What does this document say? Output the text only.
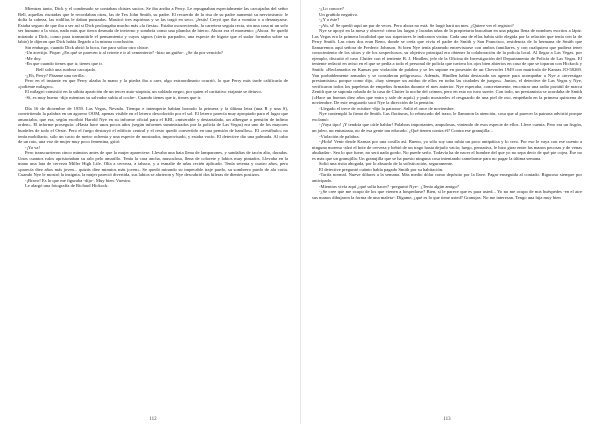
Mientras tanto, Dick y el condenado se contaban chistes sucios. Se iba arriba a Perry. Le repugnaban especialmente las carcajadas del señor Bell, aquellas risotadas que le recordaban otras, las de Tex John Smith, su padre. El recuerdo de la risa de su padre aumentó su nerviosismo: le dolía la cabeza, las rodillas le daban punzadas. Masticó tres aspirinas y se las tragó en seco. ¡Jesús! Creyó que iba a vomitar o a desmayarse. Estaba seguro de que iba a ser así si Dick prolongaba mucho más «la fiesta». Estaba oscureciendo, la carretera seguía recta, sin una casa ni un solo ser humano a la vista, nada más que tierra desnuda de invierno y sombría como una plancha de hierro. Ahora era el momento: ¡Ahora. Se quedó mirando a Dick, como para transmitirle el pensamiento y cuyos signos (cierto parpadeo, una especie de bigote que el sudor formaba sobre su labio) le dijeron que Dick había llegado a la misma conclusión.

Sin embargo, cuando Dick abrió la boca, fue para soltar otro chiste.

-Un acertijo. Pique: ¿En qué se parecen ir al retrete e ir al cementerio? -hizo un guiño-. ¿Se da por vencido?

-Me doy.

-En que cuando tienes que ir, tienes que ir.

Bell soltó una ruidosa carcajada.

-¿Eh, Perry? Pásame una cerilla.

Pero en el instante en que Perry alzaba la mano y la piedra iba a caer, algo extraordinario ocurrió, lo que Perry más tarde calificaría de «jodiente milagro».

El milagro consistió en la súbita aparición de un tercer auto-stopista, un soldado negro, por quien el caritativo viajante se detuvo.

-Sí, es muy bueno -dijo mientras su salvador subía al coche-. Cuando tienes que ir, tienes que ir.

Día 16 de diciembre de 1959. Las Vegas, Nevada. Tiempo e intemperie habían borrado la primera y la última letra (una R y una S), convirtiendo la palabra en un agorero OOM, apenas visible en el letrero descolorido por el sol. El letrero parecía muy apropiado para el lugar que anunciaba, que era, según escribió Harold Nye en su informe oficial para el KBI, «miserable y destartalado, un albergue o pensión de ínfimo orden». El informe proseguía: «Hasta hace unos pocos años (según informes suministrados por la policía de Las Vegas) era uno de los mayores burdeles de todo el Oeste. Pero el fuego destruyó el edificio central y el resto quedó convertido en una pensión de barullos». El «vestíbulo» no tenía mobiliario, sólo un cacto de metro ochenta y una especie de mostrador, improvisado, y estaba vacío. El detective dio una palmada. Al cabo de un rato, una voz de mujer muy poco femenina, gritó:

-¡Ya va!

Pero transcurrieron cinco minutos antes de que la mujer apareciese. Llevaba una bata llena de lamparones, y sandalias de tacón alto, doradas. Unos cuantos rulos aprisionaban su ralo pelo amarillo. Tenía la cara ancha, musculosa, llena de colorete y labios muy pintados. Llevaba en la mano una lata de cerveza Miller High Life. Olía a cerveza, a tabaco, y a esmalte de uñas recién aplicado. Tenía setenta y cuatro años, pero «parecía diez años más joven... quizás diez minutos más joven». Se quedó mirando su impecable traje pardo, su sombrero pardo de ala corta. Cuando Nye le mostró la insignia, la mujer pareció divertida, sus labios se abrieron y Nye descubrió dos hileras de dientes postizos.

-¡Bravo! Es lo que me figuraba -dijo-. Muy bien. Vuestro.

Le alargó una fotografía de Richard Hickock:

112

-¿Lo conoce?

Un gruñido negativo.

-¿Y a éste?

-¡Ah, sí! Se quedó aquí un par de veces. Pero ahora no está. Se largó hará un mes. ¿Quiere ver el registro?

Nye se apoyó en la mesa y observó cómo las largas y lacadas uñas de la propietaria buscaban en una página llena de nombres escritos a lápiz. Las Vegas era la primera localidad que sus superiores le indicaron visitar. Cada una de ellas había sido elegida por la relación que tenía con la de Perry Smith. Las otras dos eran Reno, donde se creía que vivía el padre de Smith y San Francisco, residencia de la hermana de Smith que llamaremos aquí señora de Frederic Johnson. Si bien Nye tenía planeado entrevistarse con ambos familiares, y con cualquiera que pudiera tener conocimiento de los sitios y de los sospechosos, su objetivo principal era obtener la colaboración de la policía local. Al llegar a Las Vegas, por ejemplo, discutió el caso Clutter con el teniente B. J. Hindlen, jefe de la Oficina de Investigación del Departamento de Policía de Las Vegas. El teniente redactó en aviso en el que se pedía a todo el personal de policía que tuviera los ojos bien abiertos en caso de que se toparan con Hickock y Smith: «Reclamados en Kansas por violación de palabra y se les supone en posesión de un Chevrolet 1949 con matrícula de Kansas JO-58269. Van probablemente armados y se consideran peligrosos». Además, Hindlen había destacado un agente para acompañar a Nye a «investigar prestamistas» porque como dijo, «hay siempre un asiduo de ellos en todas las ciudades de juegos». Juntos, el detective de Las Vegas y Nye, verificaron todos los papeletas de empeños firmadas durante el mes anterior. Nye esperaba, concretamente, encontrar una radio portátil de marca Zenith que se suponía robada de la casa de Clutter la noche del crimen, pero en esto no tuvo suerte. Con todo, un prestamista se acordaba de Smith («Hace un buenos diez años que entra y sale de aquí») y pudo mostrarles el resguardo de una piel de oso, empeñada en la primera quincena de noviembre. De este resguardo sacó Nye la dirección de la pensión.

-Llegado el trece de octubre -dijo la patrona-. Salió el once de noviembre.

Nye contempló la firma de Smith. Las florituras, lo rebuscado del trazo, le llamaron la atención, cosa que al parecer la patrona advirtió porque exclamó:

-¡Vaya tipo! ¡Y tendría que oírle hablar! Palabras importantes, ampulosas, viniendo de esos especie de ellos. Lleve cuenta. Pero era un fisgón, un jaleo, un entusiasta, no de esa gente tan educado. ¿Qué tienen contra él? Contra ese granujilla...

-Violación de palabra.

-¡Hola! Venir desde Kansas por una cosilla así. Bueno, yo sólo soy una rubia un poco antipática y lo creo. Por eso le vaya con ese cuento a ninguna morena -alzó el bote de cerveza y bebió de un trago hasta dejarlo vacío; luego, pensativa, le hizo girar entre las manos pecosas y de venas abultadas-. Sea lo que fuere, no será nada gordo. No puede serlo. Todavía ha de nacer el hombre del que yo no sepa decir de qué pie cojea. Ése no es más que un granujilla. Un granujilla que se ha puesto ninguna cosa intentando camelarme para no pagar la última semana.

Soltó una risita ahogada, por lo absurdo de la sofisticación, seguramente.

El detective preguntó cuánto había pagado Smith por su habitación.

-Tarifa normal. Nueve dólares a la semana. Más medio dólar como depósito por la llave. Pagar enseguida al contado. Riguroso siempre por anticipado.

-Mientras vivía aquí ¿qué solía hacer? -preguntó Nye-. ¿Tenía algún amigo?

-¿Se cree que me ocupo de los que vienen a hospedarse? Bien, si le parece que es para usted... Yo no me ocupo de mis huéspedes -en el aire sus manos dibujaron la forma de una maleta-. Dígame, ¿qué es lo que tiene usted? Granujas. No me interesan. Tengo una hija muy bien

113
